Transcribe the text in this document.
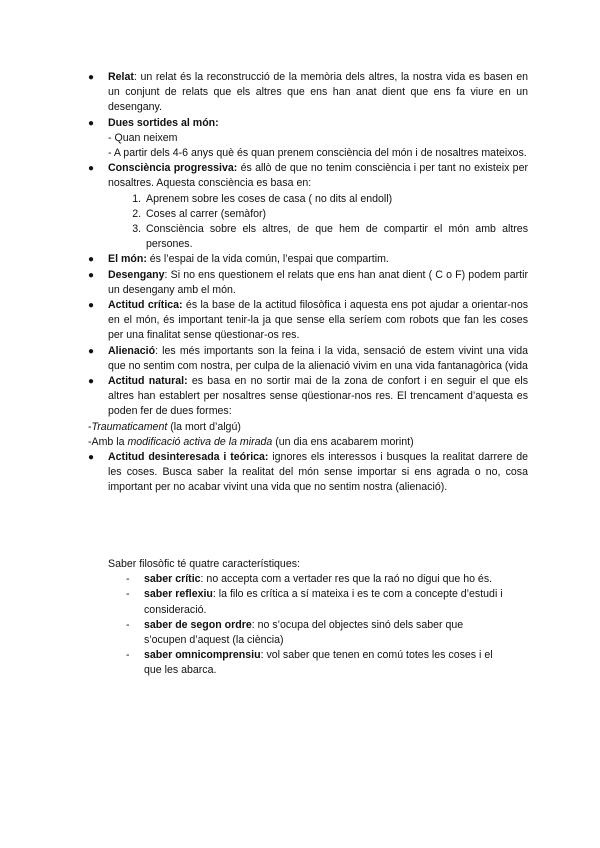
● Relat: un relat és la reconstrucció de la memòria dels altres, la nostra vida es basen en un conjunt de relats que els altres que ens han anat dient que ens fa viure en un desengany.
● Dues sortides al món:
- Quan neixem
- A partir dels 4-6 anys què és quan prenem consciència del món i de nosaltres mateixos.
● Consciència progressiva: és allò de que no tenim consciència i per tant no existeix per nosaltres. Aquesta consciència es basa en:
1. Aprenem sobre les coses de casa ( no dits al endoll)
2. Coses al carrer (semàfor)
3. Consciència sobre els altres, de que hem de compartir el món amb altres persones.
● El món: és l’espai de la vida común, l’espai que compartim.
● Desengany: Si no ens questionem el relats que ens han anat dient ( C o F) podem partir un desengany amb el món.
● Actitud crítica: és la base de la actitud filosòfica i aquesta ens pot ajudar a orientar-nos en el món, és important tenir-la ja que sense ella seríem com robots que fan les coses per una finalitat sense qüestionar-os res.
● Alienació: les més importants son la feina i la vida, sensació de estem vivint una vida que no sentim com nostra, per culpa de la alienació vivim en una vida fantanagòrica (vida
● Actitud natural: es basa en no sortir mai de la zona de confort i en seguir el que els altres han establert per nosaltres sense qüestionar-nos res. El trencament d’aquesta es poden fer de dues formes:
-Traumaticament (la mort d’algú)
-Amb la modificació activa de la mirada (un dia ens acabarem morint)
● Actitud desinteresada i teórica: ignores els interessos i busques la realitat darrere de les coses. Busca saber la realitat del món sense importar si ens agrada o no, cosa important per no acabar vivint una vida que no sentim nostra (alienació).
Saber filosòfic té quatre característiques:
- saber crític: no accepta com a vertader res que la raó no digui que ho és.
- saber reflexiu: la filo es crítica a sí mateixa i es te com a concepte d’estudi i consideració.
- saber de segon ordre: no s’ocupa del objectes sinó dels saber que s’ocupen d’aquest (la ciència)
- saber omnicomprensiu: vol saber que tenen en comú totes les coses i el que les abarca.
